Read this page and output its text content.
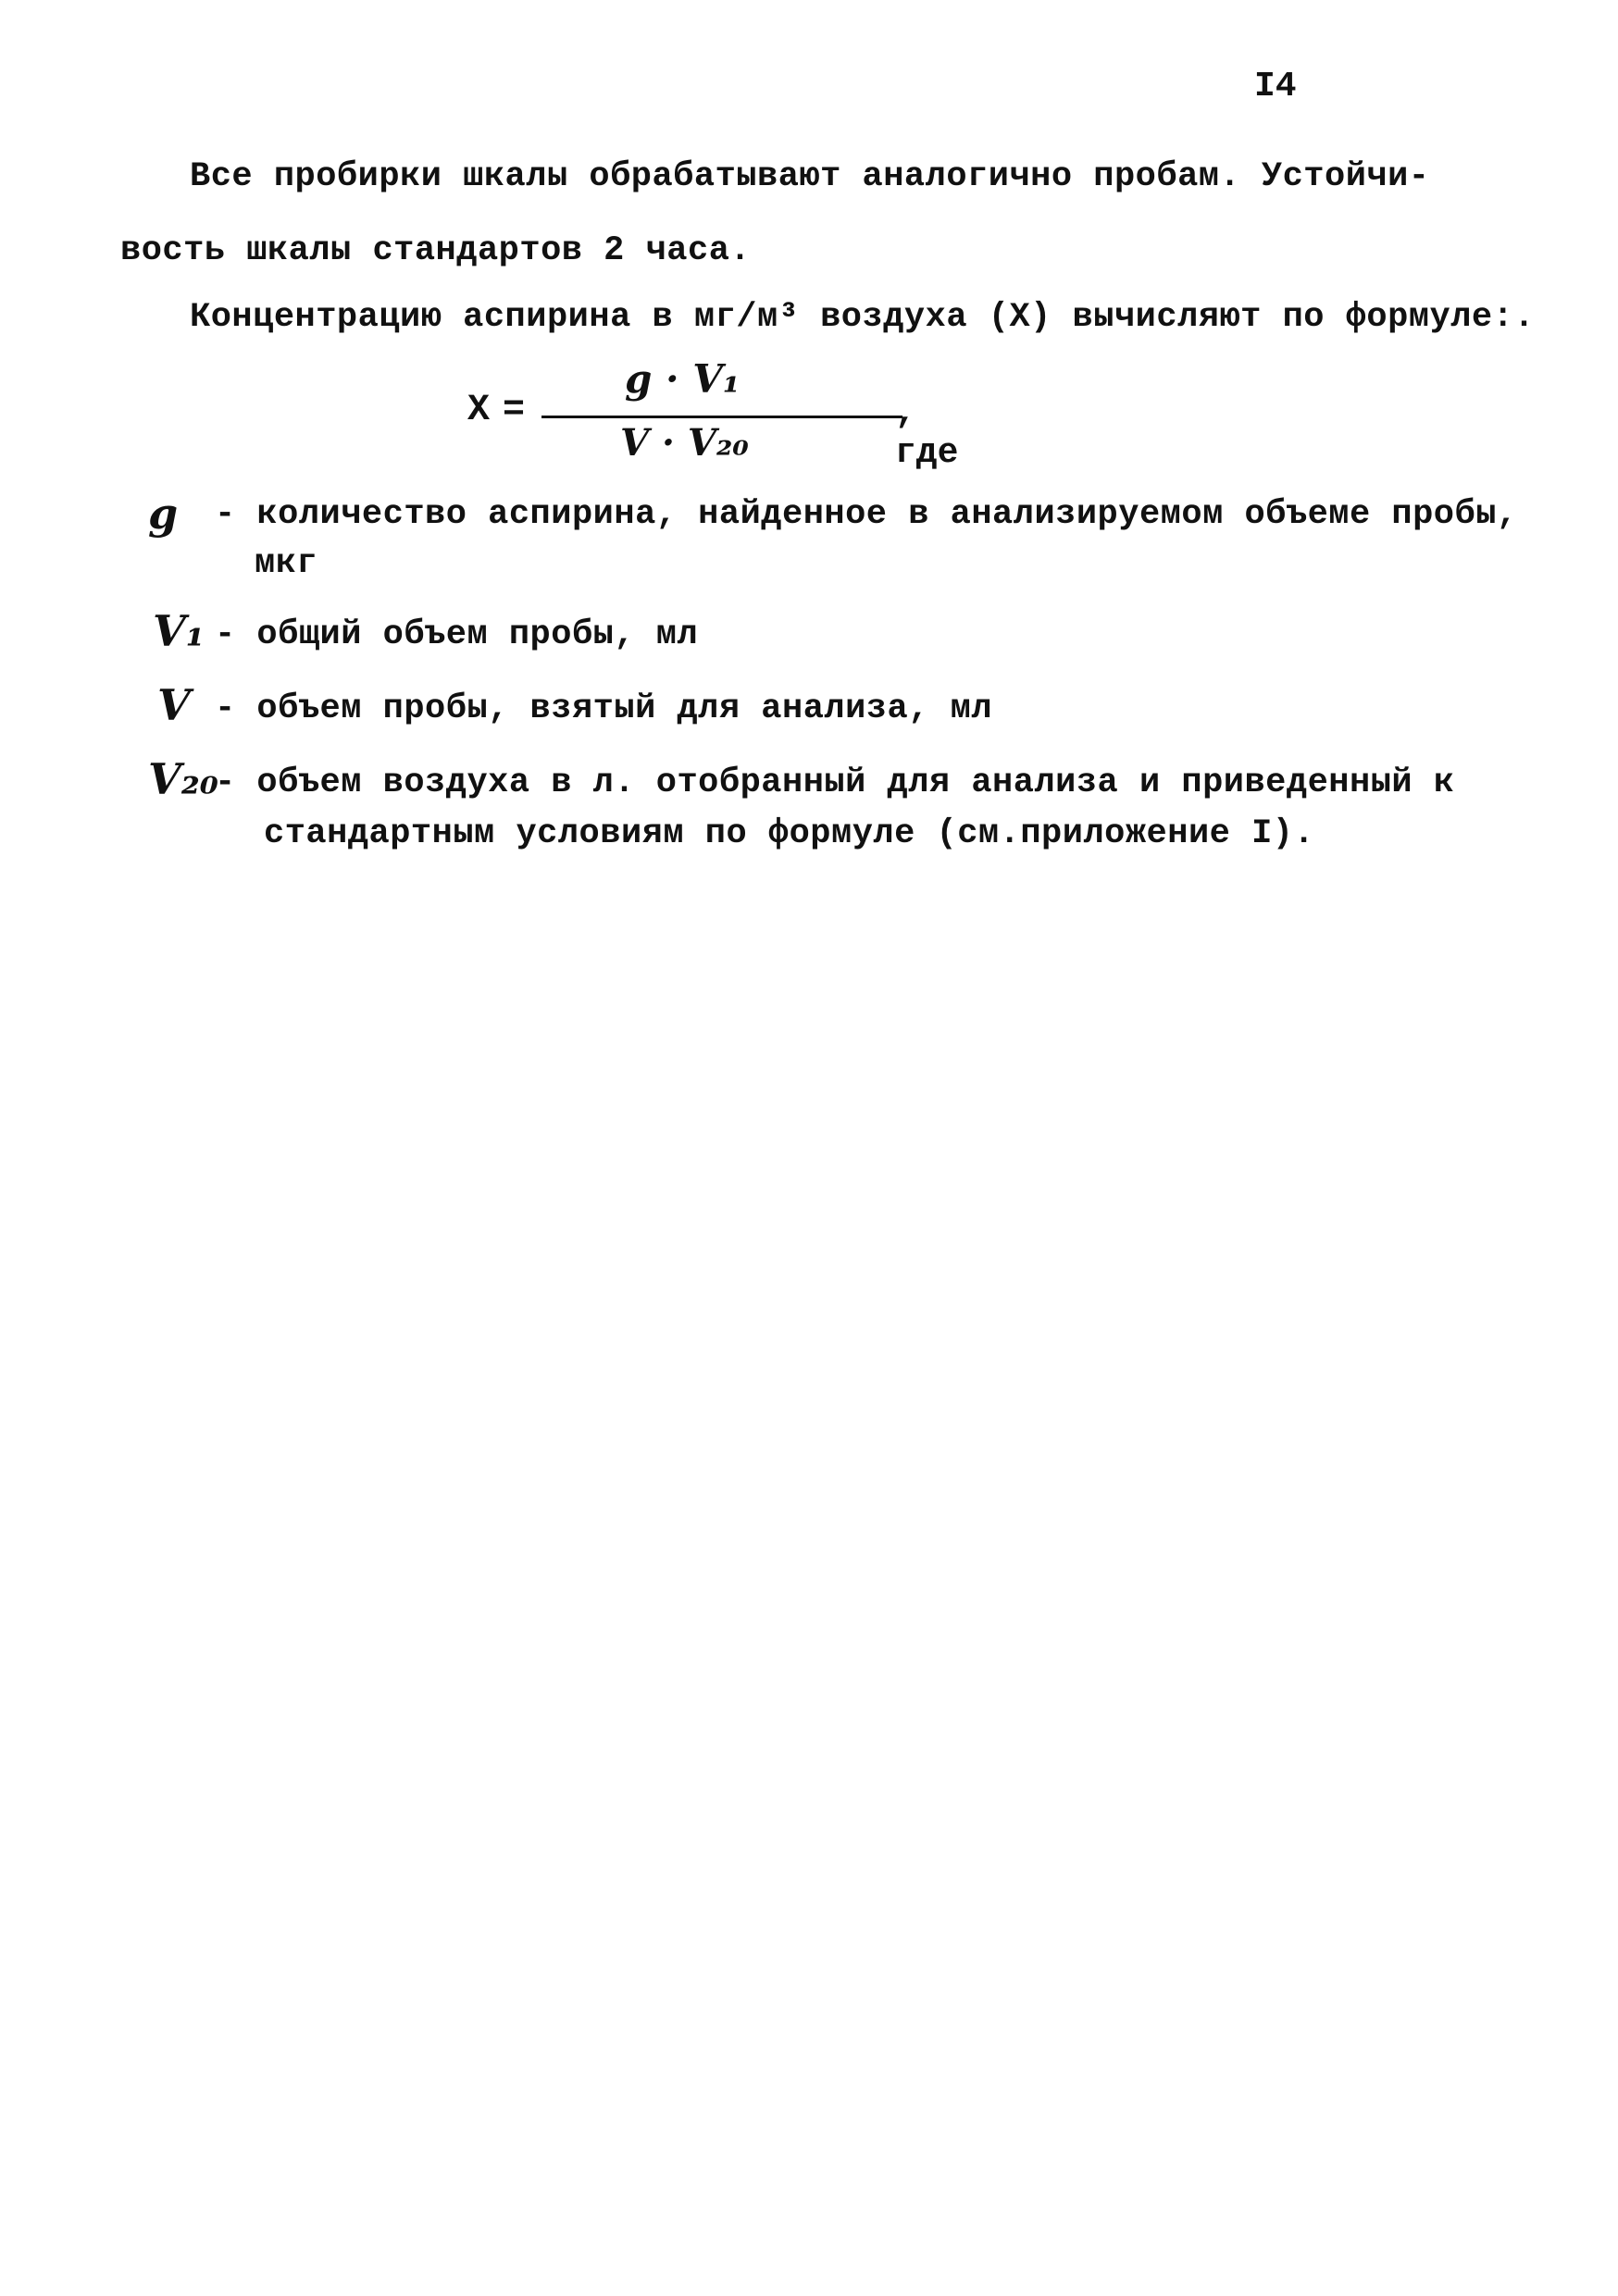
I4
Все пробирки шкалы обрабатывают аналогично пробам. Устойчи-
вость шкалы стандартов 2 часа.
Концентрацию аспирина в мг/м³ воздуха (X) вычисляют по формуле:.
X =
g · V₁
V · V₂₀
, где
g - количество аспирина, найденное в анализируемом объеме пробы,
мкг
V₁ - общий объем пробы, мл
V - объем пробы, взятый для анализа, мл
V₂₀
- объем воздуха в л. отобранный для анализа и приведенный к
стандартным условиям по формуле (см.приложение I).
